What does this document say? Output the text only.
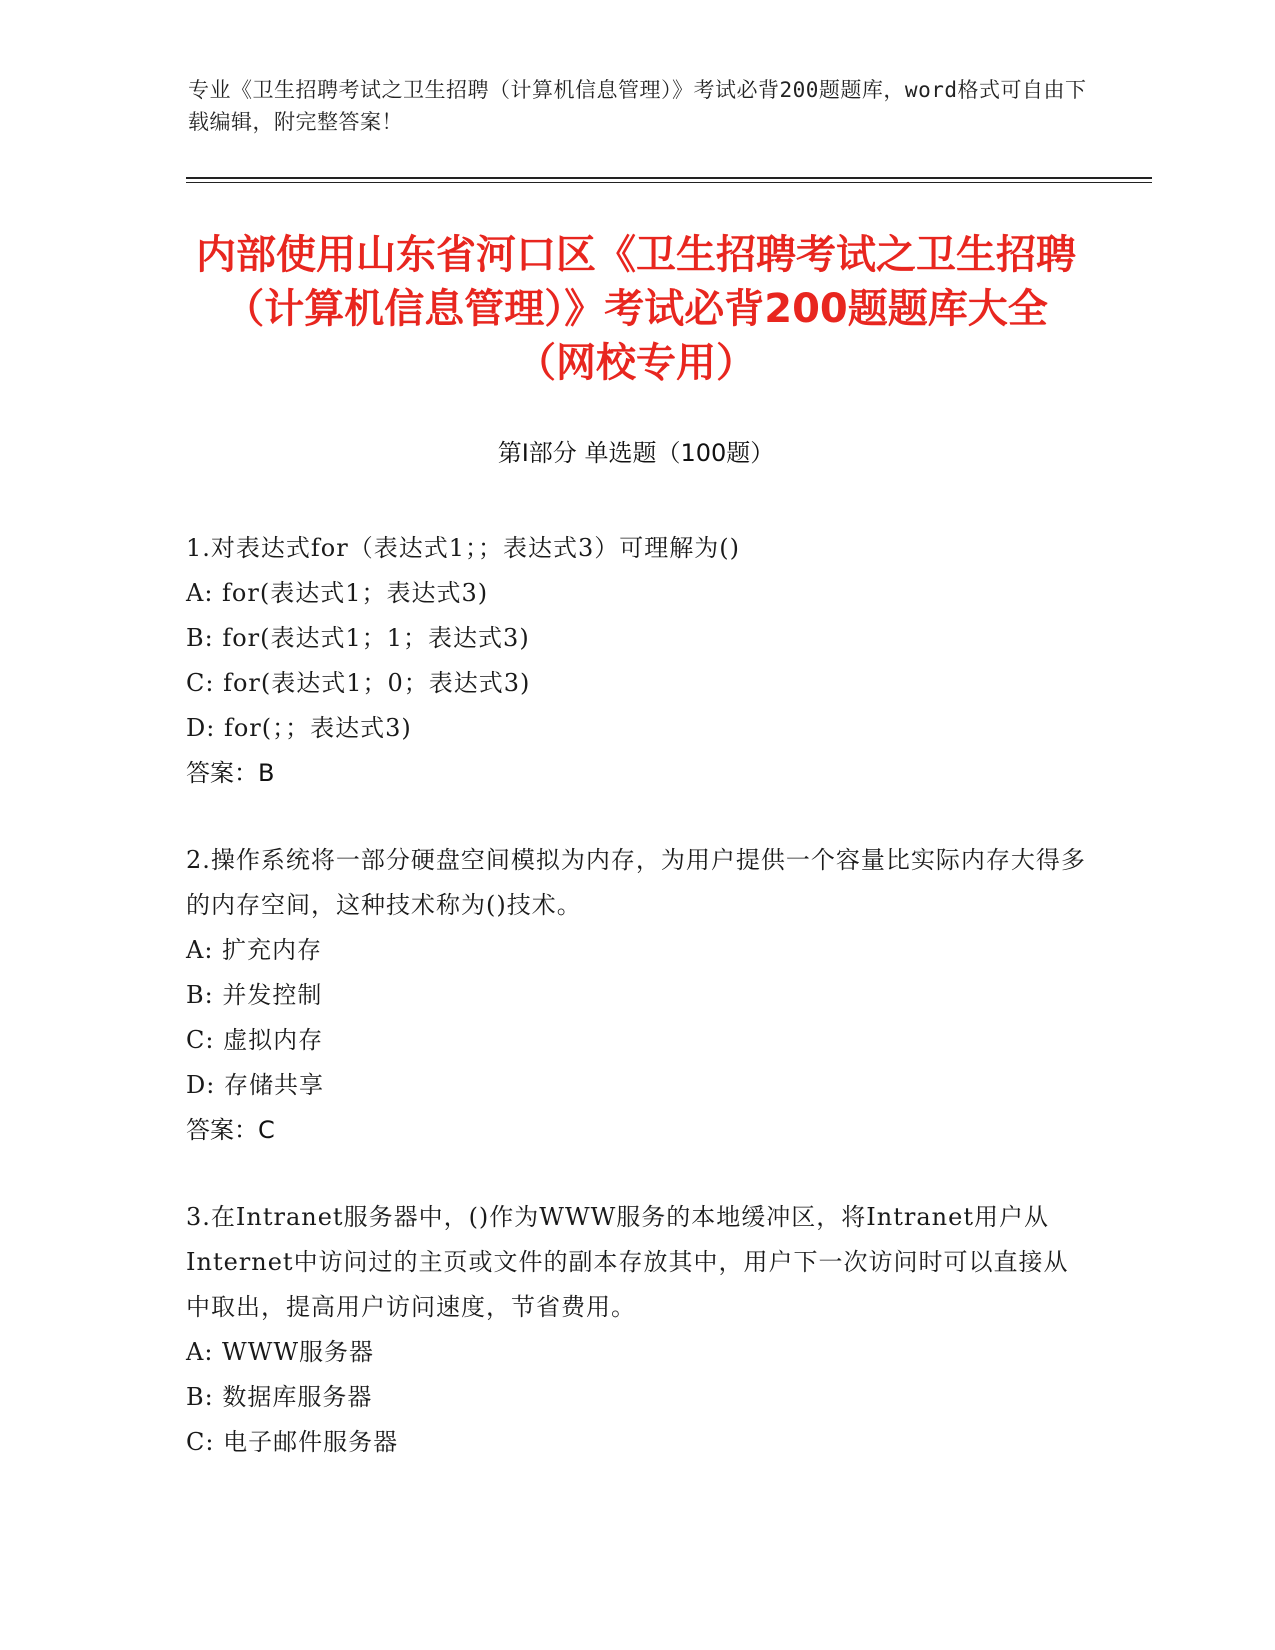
专业《卫生招聘考试之卫生招聘（计算机信息管理）》考试必背200题题库，word格式可自由下载编辑，附完整答案！
内部使用山东省河口区《卫生招聘考试之卫生招聘（计算机信息管理）》考试必背200题题库大全（网校专用）
第Ⅰ部分 单选题（100题）
1.对表达式for（表达式1；；表达式3）可理解为()
A: for(表达式1；表达式3)
B: for(表达式1；1；表达式3)
C: for(表达式1；0；表达式3)
D: for(；；表达式3)
答案：B
2.操作系统将一部分硬盘空间模拟为内存，为用户提供一个容量比实际内存大得多的内存空间，这种技术称为()技术。
A: 扩充内存
B: 并发控制
C: 虚拟内存
D: 存储共享
答案：C
3.在Intranet服务器中，()作为WWW服务的本地缓冲区，将Intranet用户从Internet中访问过的主页或文件的副本存放其中，用户下一次访问时可以直接从中取出，提高用户访问速度，节省费用。
A: WWW服务器
B: 数据库服务器
C: 电子邮件服务器
